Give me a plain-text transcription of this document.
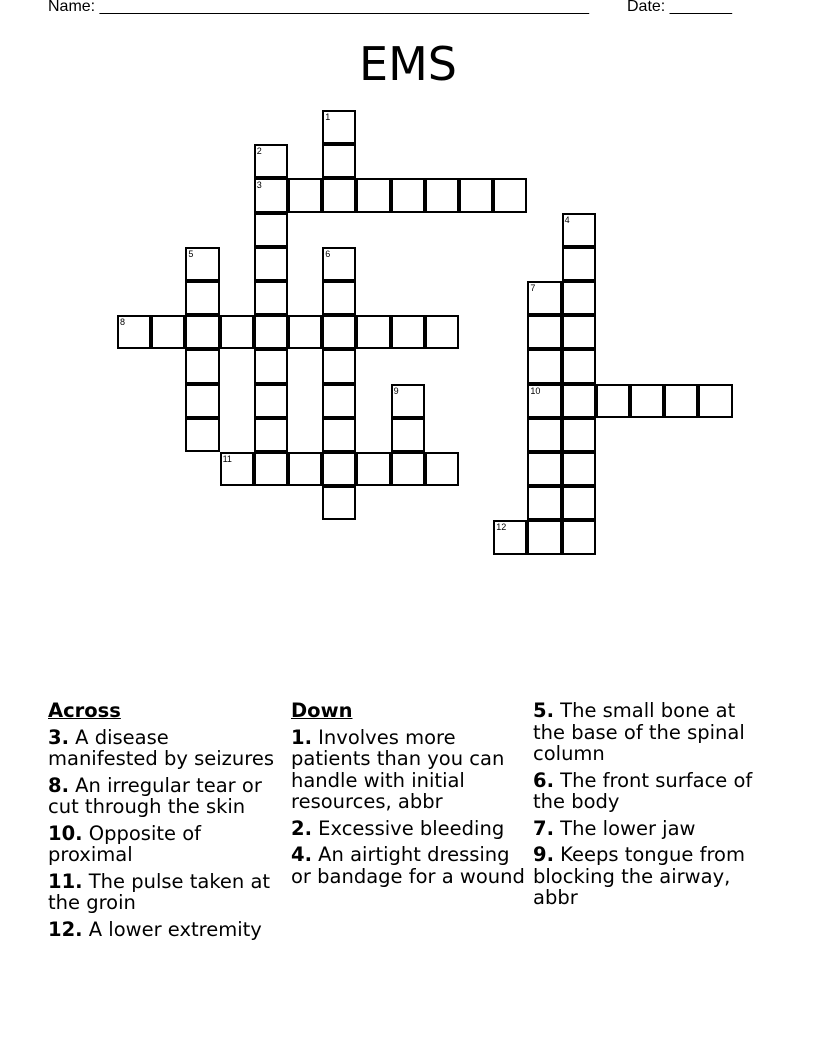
Name: _______________________________________________________

Date: _______

EMS
1
2
3
4
5	6
7
8
9	10
11
12
Across
3. A disease manifested by seizures
8. An irregular tear or cut through the skin
10. Opposite of proximal
11. The pulse taken at the groin
12. A lower extremity
Down
1. Involves more patients than you can handle with initial resources, abbr
2. Excessive bleeding
4. An airtight dressing or bandage for a wound
5. The small bone at the base of the spinal column
6. The front surface of the body
7. The lower jaw
9. Keeps tongue from blocking the airway, abbr
